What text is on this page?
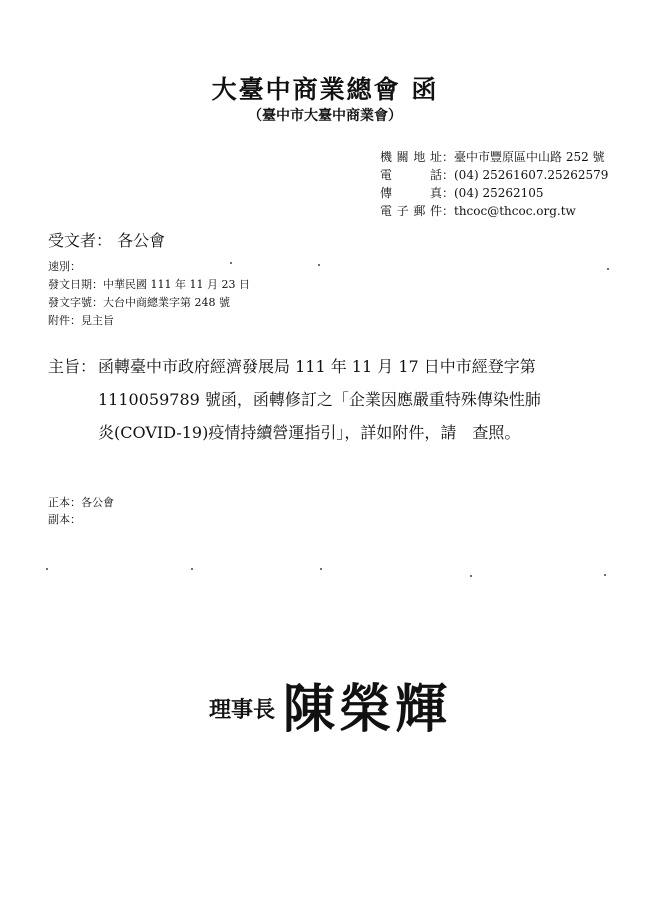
大臺中商業總會 函
（臺中市大臺中商業會）
機關地址：臺中市豐原區中山路 252 號
電話：(04) 25261607.25262579
傳真：(04) 25262105
電子郵件：thcoc@thcoc.org.tw
受文者： 各公會
速別：
發文日期：中華民國 111 年 11 月 23 日
發文字號：大台中商總業字第 248 號
附件：見主旨
主旨： 函轉臺中市政府經濟發展局 111 年 11 月 17 日中市經登字第
1110059789 號函，函轉修訂之「企業因應嚴重特殊傳染性肺
炎(COVID-19)疫情持續營運指引」，詳如附件，請　查照。
正本：各公會
副本：
理事長 陳榮輝
